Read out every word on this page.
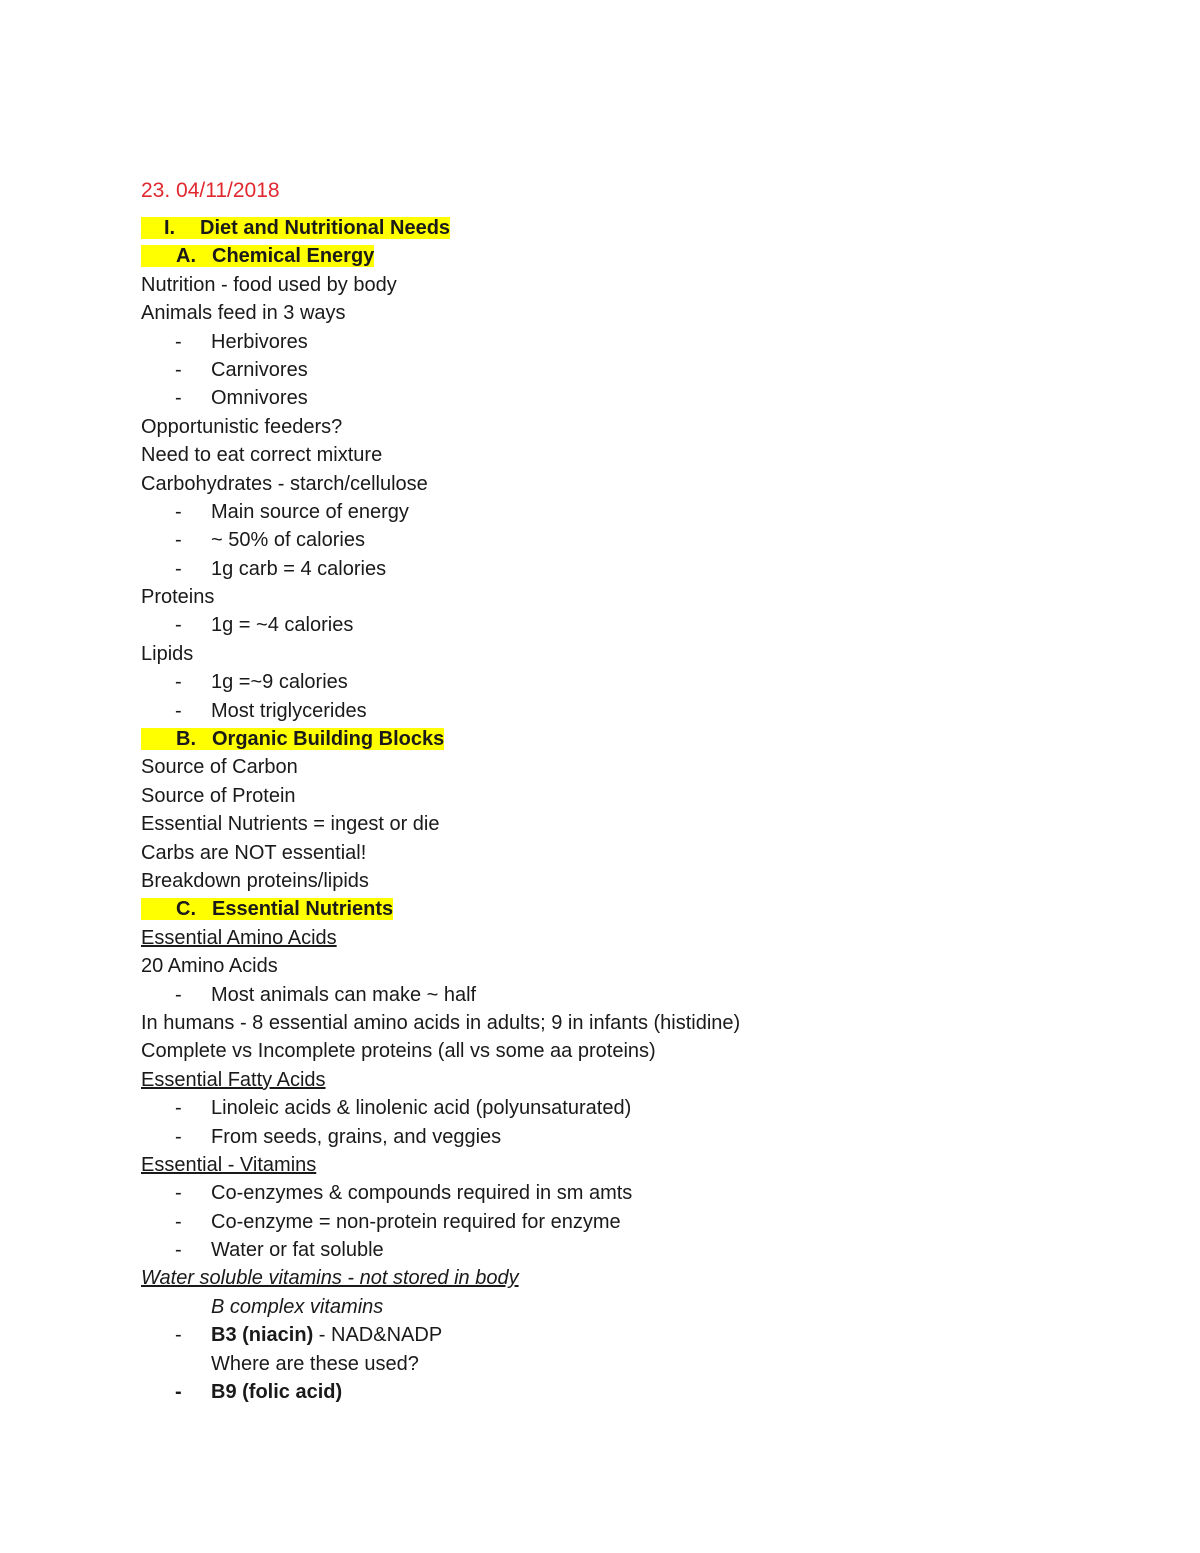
23. 04/11/2018
I. Diet and Nutritional Needs
A. Chemical Energy
Nutrition - food used by body
Animals feed in 3 ways
- Herbivores
- Carnivores
- Omnivores
Opportunistic feeders?
Need to eat correct mixture
Carbohydrates - starch/cellulose
- Main source of energy
- ~ 50% of calories
- 1g carb = 4 calories
Proteins
- 1g = ~4 calories
Lipids
- 1g =~9 calories
- Most triglycerides
B. Organic Building Blocks
Source of Carbon
Source of Protein
Essential Nutrients = ingest or die
Carbs are NOT essential!
Breakdown proteins/lipids
C. Essential Nutrients
Essential Amino Acids
20 Amino Acids
- Most animals can make ~ half
In humans - 8 essential amino acids in adults; 9 in infants (histidine)
Complete vs Incomplete proteins (all vs some aa proteins)
Essential Fatty Acids
- Linoleic acids & linolenic acid (polyunsaturated)
- From seeds, grains, and veggies
Essential - Vitamins
- Co-enzymes & compounds required in sm amts
- Co-enzyme = non-protein required for enzyme
- Water or fat soluble
Water soluble vitamins - not stored in body
B complex vitamins
- B3 (niacin) - NAD&NADP
Where are these used?
- B9 (folic acid)
